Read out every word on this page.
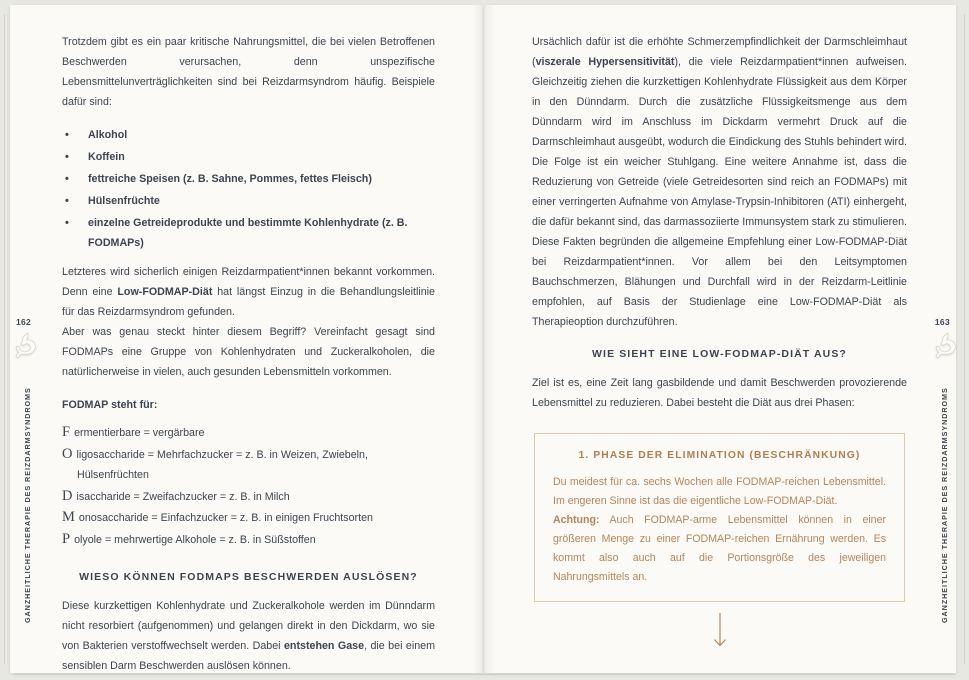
Trotzdem gibt es ein paar kritische Nahrungsmittel, die bei vielen Betroffenen Beschwerden verursachen, denn unspezifische Lebensmittelunverträglichkeiten sind bei Reizdarmsyndrom häufig. Beispiele dafür sind:

• Alkohol
• Koffein
• fettreiche Speisen (z. B. Sahne, Pommes, fettes Fleisch)
• Hülsenfrüchte
• einzelne Getreideprodukte und bestimmte Kohlenhydrate (z. B. FODMAPs)

Letzteres wird sicherlich einigen Reizdarmpatient*innen bekannt vorkommen. Denn eine Low-FODMAP-Diät hat längst Einzug in die Behandlungsleitlinie für das Reizdarmsyndrom gefunden.

Aber was genau steckt hinter diesem Begriff? Vereinfacht gesagt sind FODMAPs eine Gruppe von Kohlenhydraten und Zuckeralkoholen, die natürlicherweise in vielen, auch gesunden Lebensmitteln vorkommen.

FODMAP steht für:

F ermentierbare = vergärbare

O ligosaccharide = Mehrfachzucker = z. B. in Weizen, Zwiebeln, Hülsenfrüchten

D isaccharide = Zweifachzucker = z. B. in Milch

M onosaccharide = Einfachzucker = z. B. in einigen Fruchtsorten

P olyole = mehrwertige Alkohole = z. B. in Süßstoffen

WIESO KÖNNEN FODMAPS BESCHWERDEN AUSLÖSEN?

Diese kurzkettigen Kohlenhydrate und Zuckeralkohole werden im Dünndarm nicht resorbiert (aufgenommen) und gelangen direkt in den Dickdarm, wo sie von Bakterien verstoffwechselt werden. Dabei entstehen Gase, die bei einem sensiblen Darm Beschwerden auslösen können.

162
GANZHEITLICHE THERAPIE DES REIZDARMSYNDROMS

Ursächlich dafür ist die erhöhte Schmerzempfindlichkeit der Darmschleimhaut (viszerale Hypersensitivität), die viele Reizdarmpatient*innen aufweisen. Gleichzeitig ziehen die kurzkettigen Kohlenhydrate Flüssigkeit aus dem Körper in den Dünndarm. Durch die zusätzliche Flüssigkeitsmenge aus dem Dünndarm wird im Anschluss im Dickdarm vermehrt Druck auf die Darmschleimhaut ausgeübt, wodurch die Eindickung des Stuhls behindert wird. Die Folge ist ein weicher Stuhlgang. Eine weitere Annahme ist, dass die Reduzierung von Getreide (viele Getreidesorten sind reich an FODMAPs) mit einer verringerten Aufnahme von Amylase-Trypsin-Inhibitoren (ATI) einhergeht, die dafür bekannt sind, das darmassoziierte Immunsystem stark zu stimulieren. Diese Fakten begründen die allgemeine Empfehlung einer Low-FODMAP-Diät bei Reizdarmpatient*innen. Vor allem bei den Leitsymptomen Bauchschmerzen, Blähungen und Durchfall wird in der Reizdarm-Leitlinie empfohlen, auf Basis der Studienlage eine Low-FODMAP-Diät als Therapieoption durchzuführen.

WIE SIEHT EINE LOW-FODMAP-DIÄT AUS?

Ziel ist es, eine Zeit lang gasbildende und damit Beschwerden provozierende Lebensmittel zu reduzieren. Dabei besteht die Diät aus drei Phasen:

1. PHASE DER ELIMINATION (BESCHRÄNKUNG)

Du meidest für ca. sechs Wochen alle FODMAP-reichen Lebensmittel. Im engeren Sinne ist das die eigentliche Low-FODMAP-Diät.
Achtung: Auch FODMAP-arme Lebensmittel können in einer größeren Menge zu einer FODMAP-reichen Ernährung werden. Es kommt also auch auf die Portionsgröße des jeweiligen Nahrungsmittels an.

163
GANZHEITLICHE THERAPIE DES REIZDARMSYNDROMS
